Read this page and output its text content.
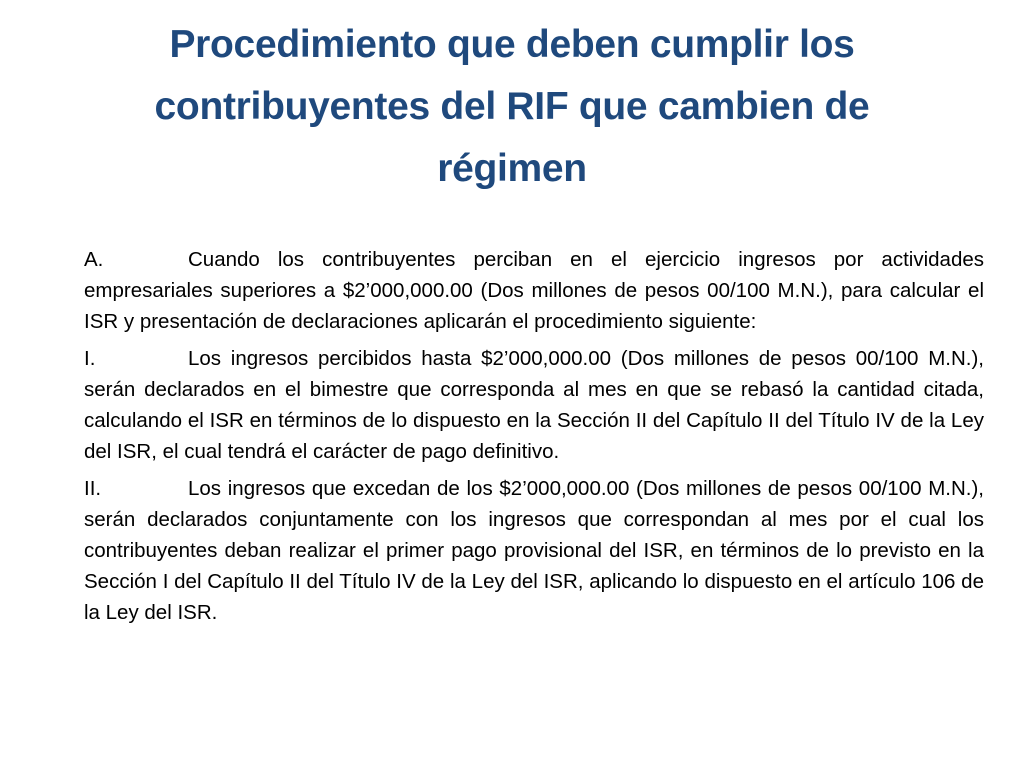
Procedimiento que deben cumplir los
contribuyentes del RIF que cambien de
régimen

A.	Cuando los contribuyentes perciban en el ejercicio ingresos por actividades empresariales superiores a $2’000,000.00 (Dos millones de pesos 00/100 M.N.), para calcular el ISR y presentación de declaraciones aplicarán el procedimiento siguiente:

I.	Los ingresos percibidos hasta $2’000,000.00 (Dos millones de pesos 00/100 M.N.), serán declarados en el bimestre que corresponda al mes en que se rebasó la cantidad citada, calculando el ISR en términos de lo dispuesto en la Sección II del Capítulo II del Título IV de la Ley del ISR, el cual tendrá el carácter de pago definitivo.

II.	Los ingresos que excedan de los $2’000,000.00 (Dos millones de pesos 00/100 M.N.), serán declarados conjuntamente con los ingresos que correspondan al mes por el cual los contribuyentes deban realizar el primer pago provisional del ISR, en términos de lo previsto en la Sección I del Capítulo II del Título IV de la Ley del ISR, aplicando lo dispuesto en el artículo 106 de la Ley del ISR.
